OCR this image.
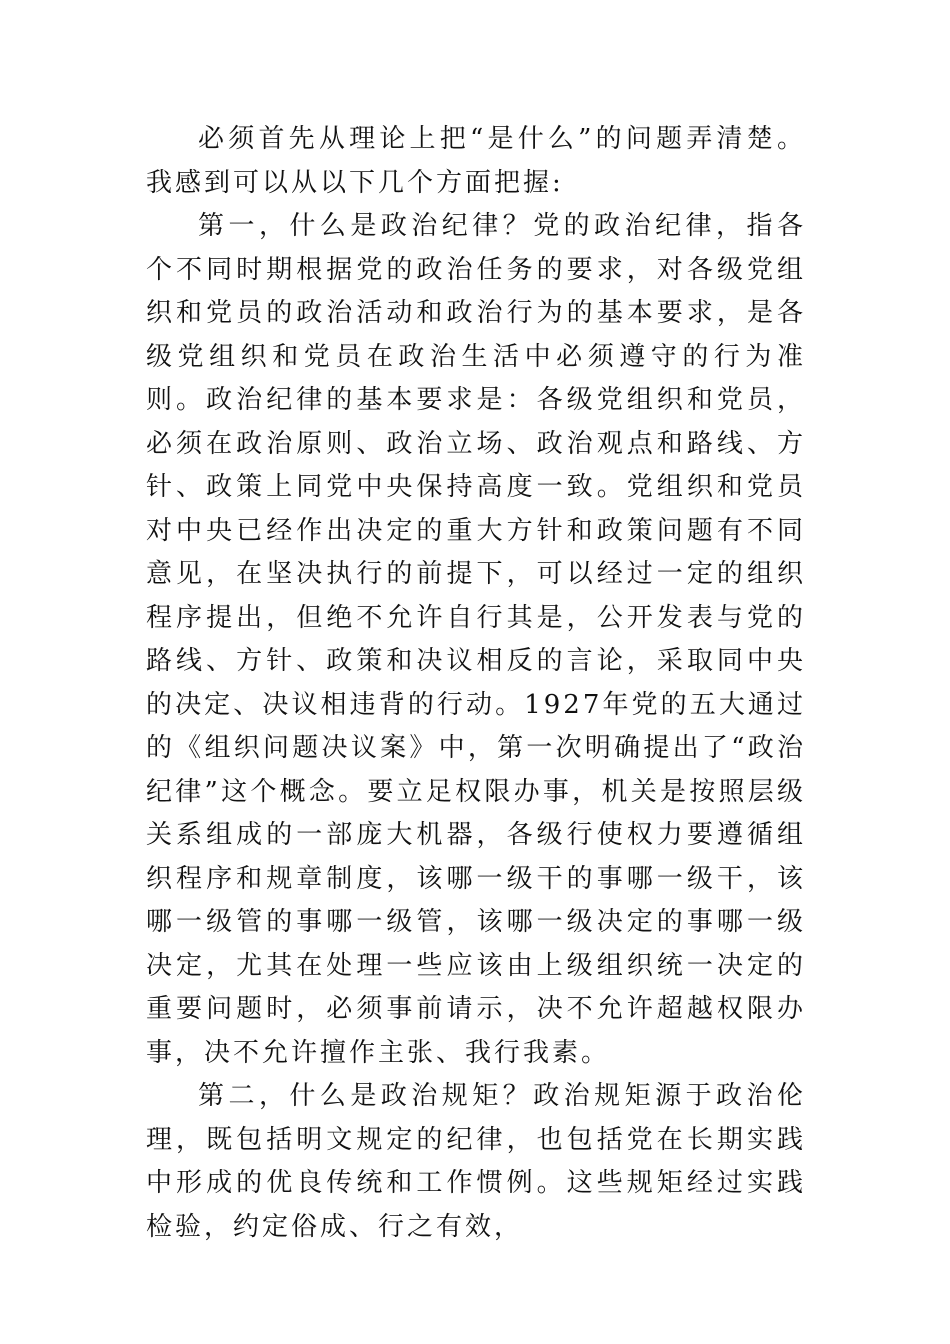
必须首先从理论上把“是什么”的问题弄清楚。我感到可以从以下几个方面把握:

第一，什么是政治纪律？党的政治纪律，指各个不同时期根据党的政治任务的要求，对各级党组织和党员的政治活动和政治行为的基本要求，是各级党组织和党员在政治生活中必须遵守的行为准则。政治纪律的基本要求是：各级党组织和党员，必须在政治原则、政治立场、政治观点和路线、方针、政策上同党中央保持高度一致。党组织和党员对中央已经作出决定的重大方针和政策问题有不同意见，在坚决执行的前提下，可以经过一定的组织程序提出，但绝不允许自行其是，公开发表与党的路线、方针、政策和决议相反的言论，采取同中央的决定、决议相违背的行动。1927年党的五大通过的《组织问题决议案》中，第一次明确提出了“政治纪律”这个概念。要立足权限办事，机关是按照层级关系组成的一部庞大机器，各级行使权力要遵循组织程序和规章制度，该哪一级干的事哪一级干，该哪一级管的事哪一级管，该哪一级决定的事哪一级决定，尤其在处理一些应该由上级组织统一决定的重要问题时，必须事前请示，决不允许超越权限办事，决不允许擅作主张、我行我素。

第二，什么是政治规矩？政治规矩源于政治伦理，既包括明文规定的纪律，也包括党在长期实践中形成的优良传统和工作惯例。这些规矩经过实践检验，约定俗成、行之有效，
